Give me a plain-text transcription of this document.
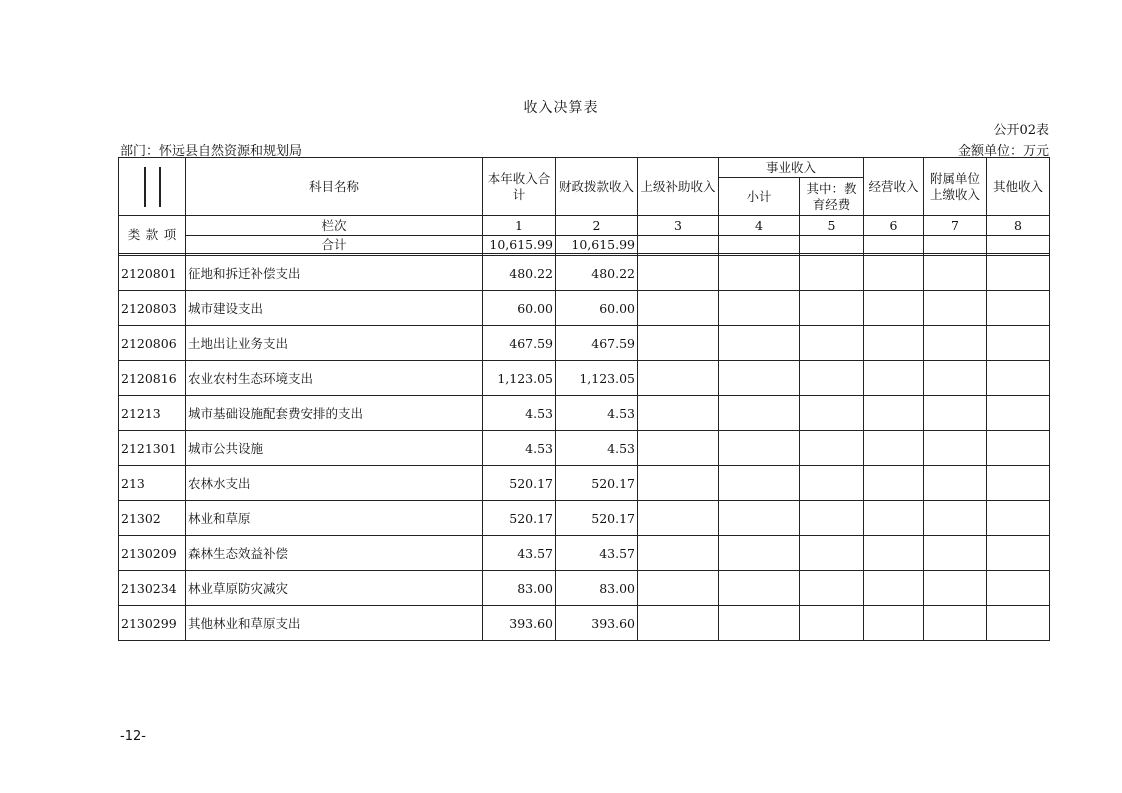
收入决算表
公开02表
部门：怀远县自然资源和规划局	金额单位：万元
	科目名称	本年收入合计	财政拨款收入	上级补助收入	事业收入		经营收入	附属单位上缴收入	其他收入
					小计	其中：教育经费			
类 款 项	栏次	1	2	3	4	5	6	7	8
	合计	10,615.99	10,615.99						

2120801	征地和拆迁补偿支出	480.22	480.22						
2120803	城市建设支出	60.00	60.00						
2120806	土地出让业务支出	467.59	467.59						
2120816	农业农村生态环境支出	1,123.05	1,123.05						
21213	城市基础设施配套费安排的支出	4.53	4.53						
2121301	城市公共设施	4.53	4.53						
213	农林水支出	520.17	520.17						
21302	林业和草原	520.17	520.17						
2130209	森林生态效益补偿	43.57	43.57						
2130234	林业草原防灾减灾	83.00	83.00						
2130299	其他林业和草原支出	393.60	393.60						
-12-
